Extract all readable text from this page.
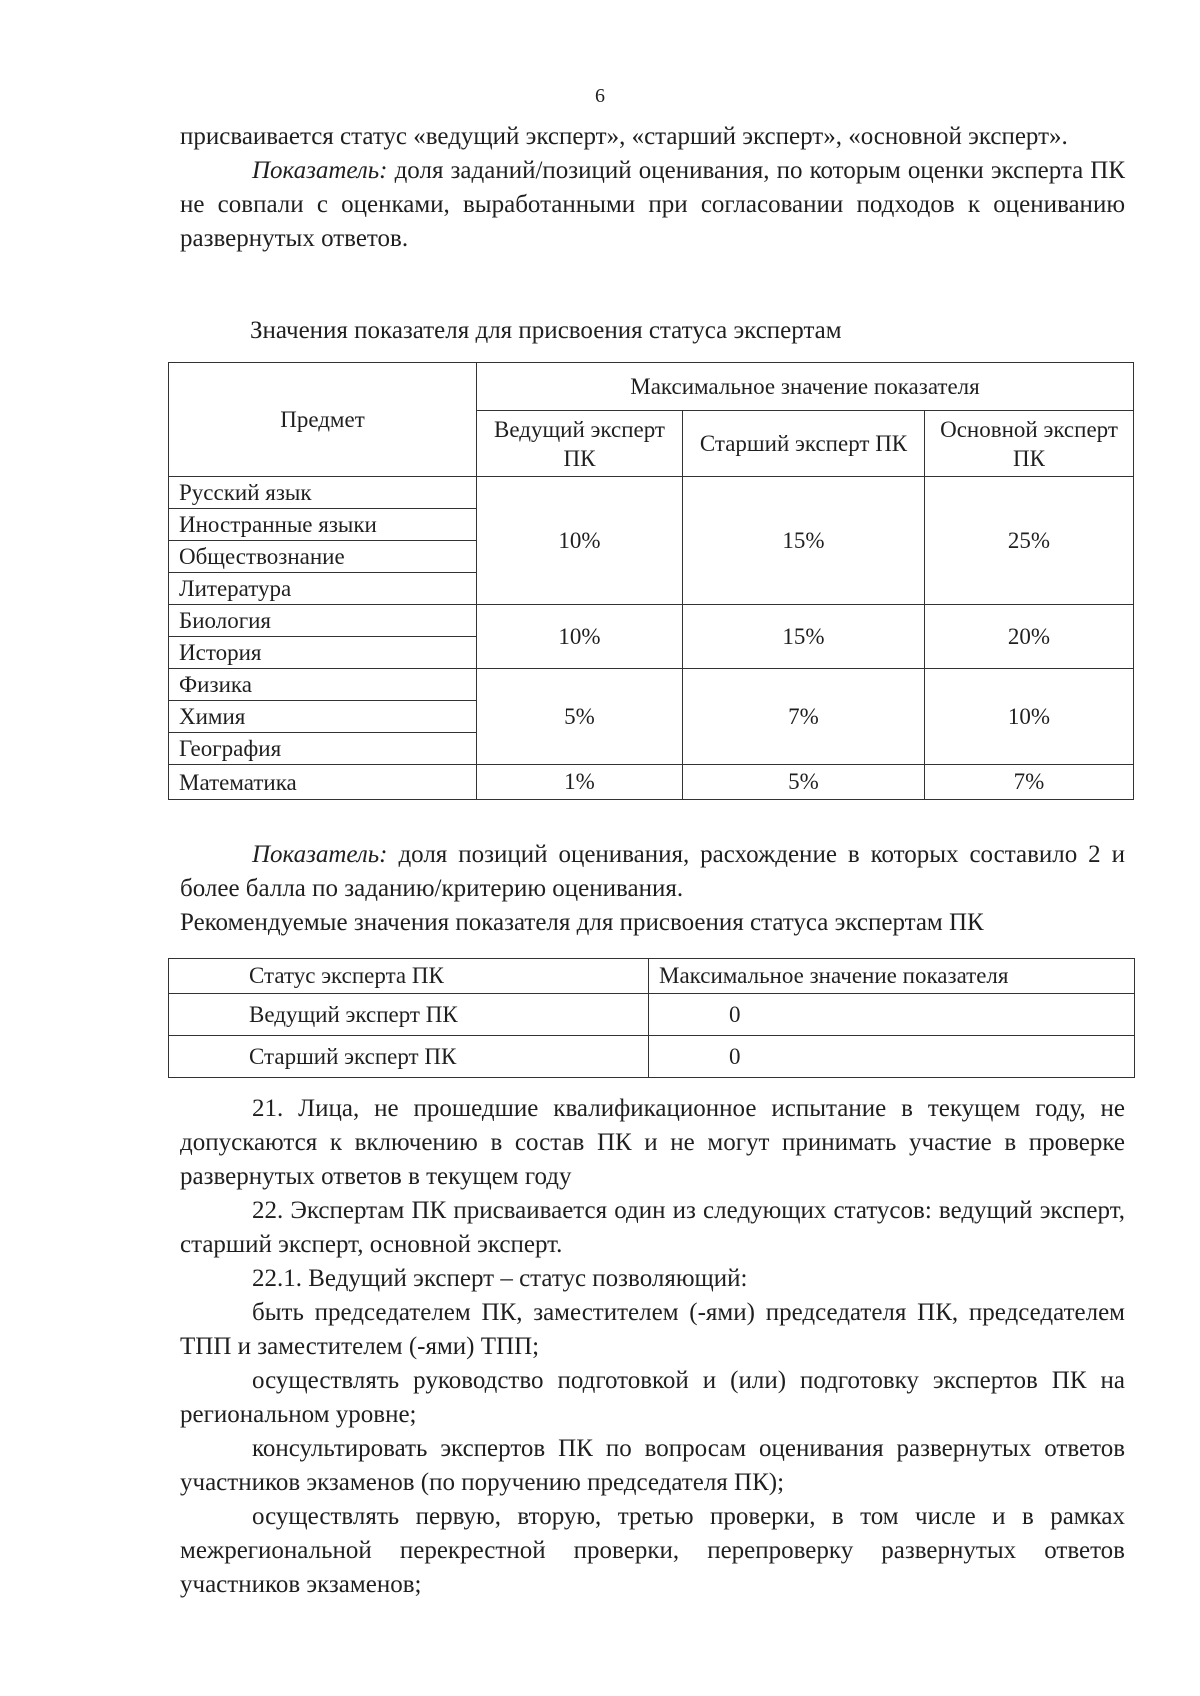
6

присваивается статус «ведущий эксперт», «старший эксперт», «основной эксперт».

Показатель: доля заданий/позиций оценивания, по которым оценки эксперта ПК не совпали с оценками, выработанными при согласовании подходов к оцениванию развернутых ответов.

Значения показателя для присвоения статуса экспертам

Предмет	Максимальное значение показателя		
	Ведущий эксперт ПК	Старший эксперт ПК	Основной эксперт ПК
Русский язык	10%	15%	25%
Иностранные языки			
Обществознание			
Литература			
Биология	10%	15%	20%
История			
Физика	5%	7%	10%
Химия			
География			
Математика	1%	5%	7%

Показатель: доля позиций оценивания, расхождение в которых составило 2 и более балла по заданию/критерию оценивания.

Рекомендуемые значения показателя для присвоения статуса экспертам ПК

Статус эксперта ПК	Максимальное значение показателя
Ведущий эксперт ПК	0
Старший эксперт ПК	0

21. Лица, не прошедшие квалификационное испытание в текущем году, не допускаются к включению в состав ПК и не могут принимать участие в проверке развернутых ответов в текущем году

22. Экспертам ПК присваивается один из следующих статусов: ведущий эксперт, старший эксперт, основной эксперт.

22.1. Ведущий эксперт – статус позволяющий:

быть председателем ПК, заместителем (-ями) председателя ПК, председателем ТПП и заместителем (-ями) ТПП;

осуществлять руководство подготовкой и (или) подготовку экспертов ПК на региональном уровне;

консультировать экспертов ПК по вопросам оценивания развернутых ответов участников экзаменов (по поручению председателя ПК);

осуществлять первую, вторую, третью проверки, в том числе и в рамках межрегиональной перекрестной проверки, перепроверку развернутых ответов участников экзаменов;
